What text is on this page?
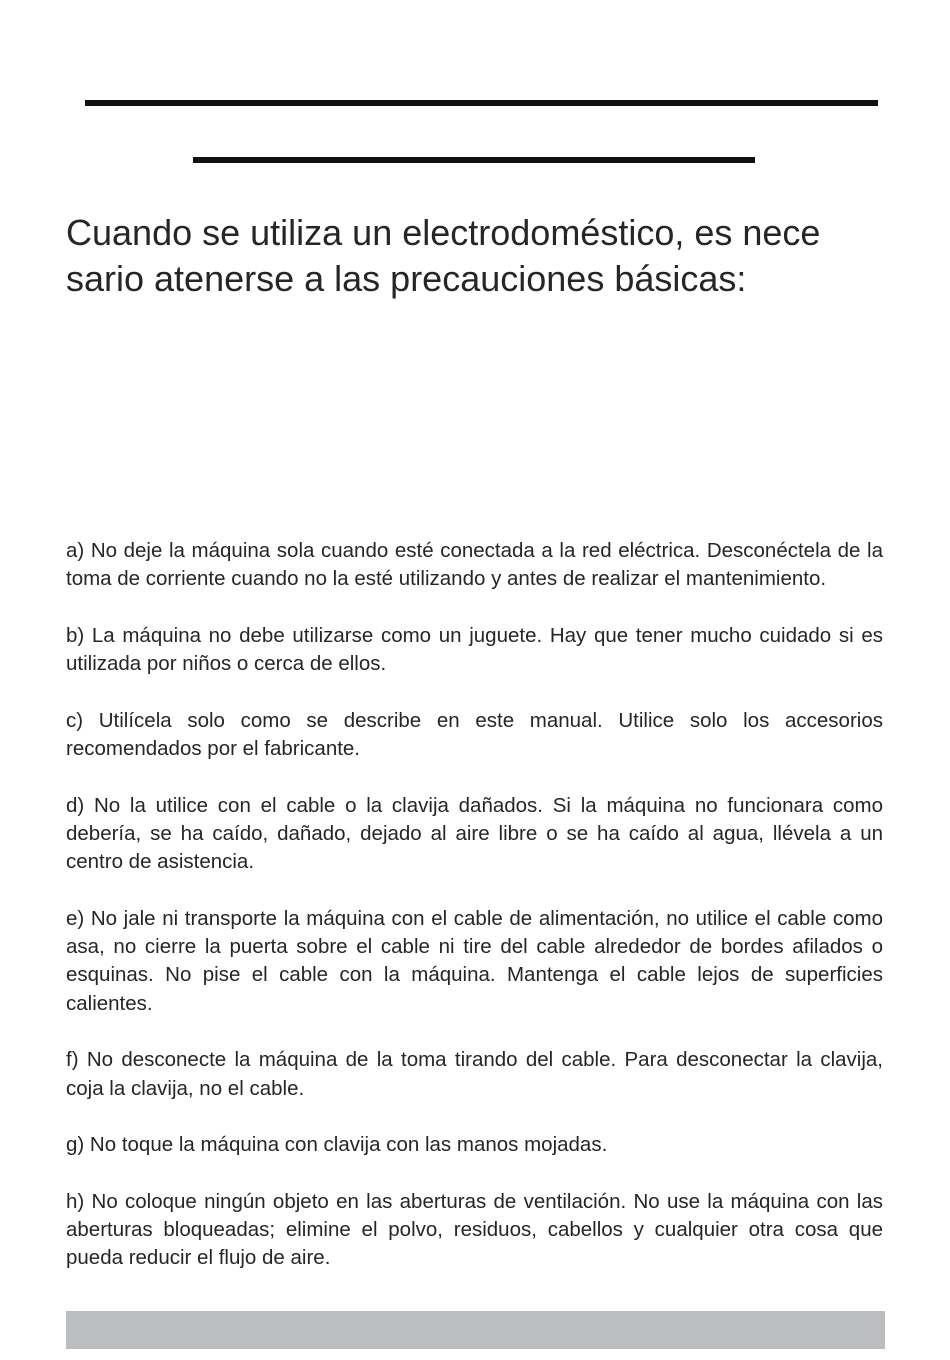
Cuando se utiliza un electrodoméstico, es nece
sario atenerse a las precauciones básicas:
a) No deje la máquina sola cuando esté conectada a la red eléctrica. Desconéctela de la toma de corriente cuando no la esté utilizando y antes de realizar el mantenimiento.
b) La máquina no debe utilizarse como un juguete. Hay que tener mucho cuidado si es utilizada por niños o cerca de ellos.
c) Utilícela solo como se describe en este manual. Utilice solo los accesorios recomendados por el fabricante.
d) No la utilice con el cable o la clavija dañados. Si la máquina no funcionara como debería, se ha caído, dañado, dejado al aire libre o se ha caído al agua, llévela a un centro de asistencia.
e) No jale ni transporte la máquina con el cable de alimentación, no utilice el cable como asa, no cierre la puerta sobre el cable ni tire del cable alrededor de bordes afilados o esquinas. No pise el cable con la máquina. Mantenga el cable lejos de superficies calientes.
f) No desconecte la máquina de la toma tirando del cable. Para desconectar la clavija, coja la clavija, no el cable.
g) No toque la máquina con clavija con las manos mojadas.
h) No coloque ningún objeto en las aberturas de ventilación. No use la máquina con las aberturas bloqueadas; elimine el polvo, residuos, cabellos y cualquier otra cosa que pueda reducir el flujo de aire.
